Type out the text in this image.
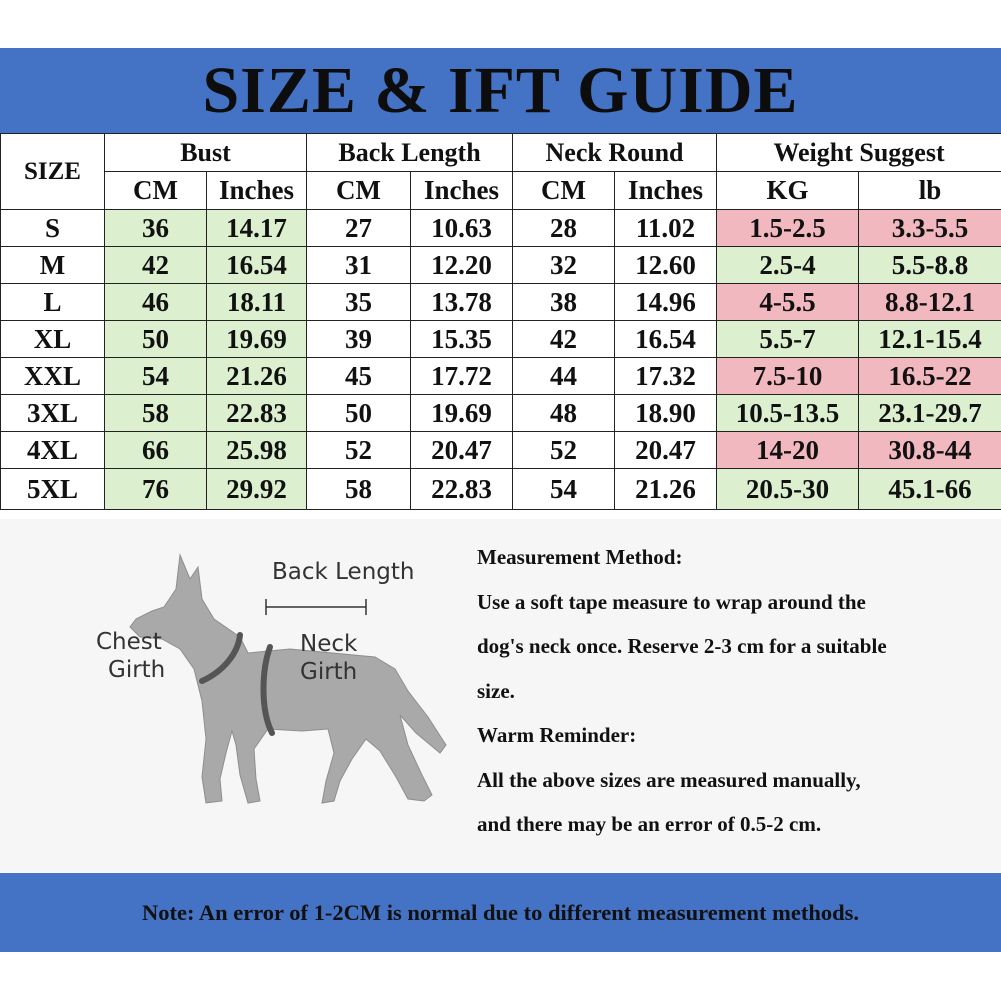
SIZE & IFT GUIDE
SIZE	Bust		Back Length		Neck Round		Weight Suggest	
	CM	Inches	CM	Inches	CM	Inches	KG	lb
S	36	14.17	27	10.63	28	11.02	1.5-2.5	3.3-5.5
M	42	16.54	31	12.20	32	12.60	2.5-4	5.5-8.8
L	46	18.11	35	13.78	38	14.96	4-5.5	8.8-12.1
XL	50	19.69	39	15.35	42	16.54	5.5-7	12.1-15.4
XXL	54	21.26	45	17.72	44	17.32	7.5-10	16.5-22
3XL	58	22.83	50	19.69	48	18.90	10.5-13.5	23.1-29.7
4XL	66	25.98	52	20.47	52	20.47	14-20	30.8-44
5XL	76	29.92	58	22.83	54	21.26	20.5-30	45.1-66
Back Length
Chest
Girth
Neck
Girth

Measurement Method:

Use a soft tape measure to wrap around the

dog's neck once. Reserve 2-3 cm for a suitable

size.

Warm Reminder:

All the above sizes are measured manually,

and there may be an error of 0.5-2 cm.

Note: An error of 1-2CM is normal due to different measurement methods.
